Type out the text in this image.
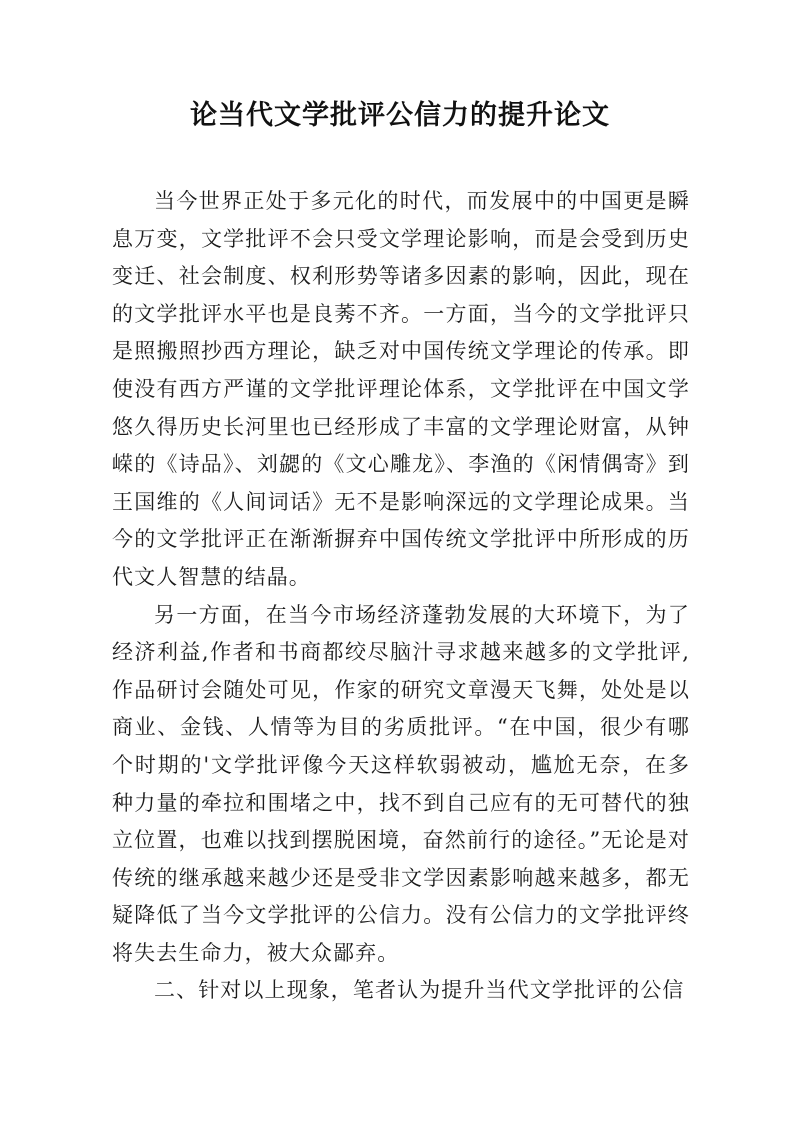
论当代文学批评公信力的提升论文

当今世界正处于多元化的时代，而发展中的中国更是瞬息万变，文学批评不会只受文学理论影响，而是会受到历史变迁、社会制度、权利形势等诸多因素的影响，因此，现在的文学批评水平也是良莠不齐。一方面，当今的文学批评只是照搬照抄西方理论，缺乏对中国传统文学理论的传承。即使没有西方严谨的文学批评理论体系，文学批评在中国文学悠久得历史长河里也已经形成了丰富的文学理论财富，从钟嵘的《诗品》、刘勰的《文心雕龙》、李渔的《闲情偶寄》到王国维的《人间词话》无不是影响深远的文学理论成果。当今的文学批评正在渐渐摒弃中国传统文学批评中所形成的历代文人智慧的结晶。

另一方面，在当今市场经济蓬勃发展的大环境下，为了经济利益,作者和书商都绞尽脑汁寻求越来越多的文学批评,作品研讨会随处可见，作家的研究文章漫天飞舞，处处是以商业、金钱、人情等为目的劣质批评。“在中国，很少有哪个时期的'文学批评像今天这样软弱被动，尴尬无奈，在多种力量的牵拉和围堵之中，找不到自己应有的无可替代的独立位置，也难以找到摆脱困境，奋然前行的途径。”无论是对传统的继承越来越少还是受非文学因素影响越来越多，都无疑降低了当今文学批评的公信力。没有公信力的文学批评终将失去生命力，被大众鄙弃。

二、针对以上现象，笔者认为提升当代文学批评的公信
